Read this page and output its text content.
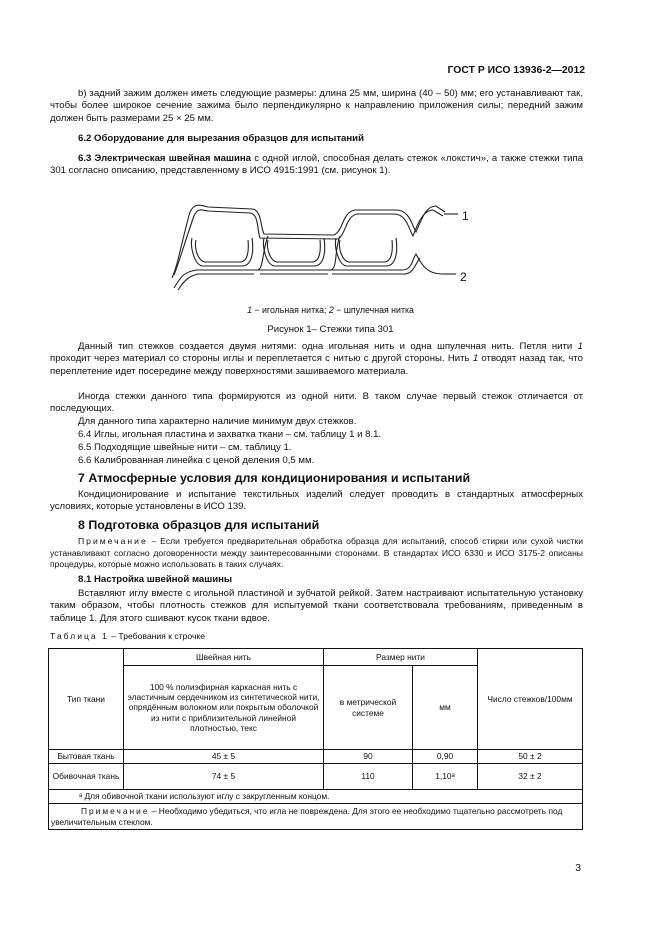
ГОСТ Р ИСО 13936-2—2012
b) задний зажим должен иметь следующие размеры: длина 25 мм, ширина (40 – 50) мм; его устанавливают так, чтобы более широкое сечение зажима было перпендикулярно к направлению приложения силы; передний зажим должен быть размерами 25 × 25 мм.
6.2 Оборудование для вырезания образцов для испытаний
6.3 Электрическая швейная машина с одной иглой, способная делать стежок «локстич», а также стежки типа 301 согласно описанию, представленному в ИСО 4915:1991 (см. рисунок 1).
1
2
1 − игольная нитка; 2 − шпулечная нитка
Рисунок 1– Стежки типа 301
Данный тип стежков создается двумя нитями: одна игольная нить и одна шпулечная нить. Петля нити 1 проходит через материал со стороны иглы и переплетается с нитью с другой стороны. Нить 1 отводят назад так, что переплетение идет посередине между поверхностями зашиваемого материала.
Иногда стежки данного типа формируются из одной нити. В таком случае первый стежок отличается от последующих.
Для данного типа характерно наличие минимум двух стежков.
6.4 Иглы, игольная пластина и захватка ткани – см. таблицу 1 и 8.1.
6.5 Подходящие швейные нити – см. таблицу 1.
6.6 Калиброванная линейка с ценой деления 0,5 мм.
7 Атмосферные условия для кондиционирования и испытаний
Кондиционирование и испытание текстильных изделий следует проводить в стандартных атмосферных условиях, которые установлены в ИСО 139.
8 Подготовка образцов для испытаний
Примечание – Если требуется предварительная обработка образца для испытаний, способ стирки или сухой чистки устанавливают согласно договоренности между заинтересованными сторонами. В стандартах ИСО 6330 и ИСО 3175-2 описаны процедуры, которые можно использовать в таких случаях.
8.1 Настройка швейной машины
Вставляют иглу вместе с игольной пластиной и зубчатой рейкой. Затем настраивают испытательную установку таким образом, чтобы плотность стежков для испытуемой ткани соответствовала требованиям, приведенным в таблице 1. Для этого сшивают кусок ткани вдвое.
Таблица 1 – Требования к строчке
Тип ткани	Швейная нить	Размер нити		Число стежков/100мм
	100 % полиэфирная каркасная нить с эластичным сердечником из синтетической нити, опрядённым волокном или покрытым оболочкой из нити с приблизительной линейной плотностью, текс	в метрической системе	мм	
Бытовая ткань	45 ± 5	90	0,90	50 ± 2
Обивочная ткань	74 ± 5	110	1,10ᵃ	32 ± 2
ᵃ Для обивочной ткани используют иглу с закругленным концом.				
Примечание – Необходимо убедиться, что игла не повреждена. Для этого ее необходимо тщательно рассмотреть под увеличительным стеклом.				
3
